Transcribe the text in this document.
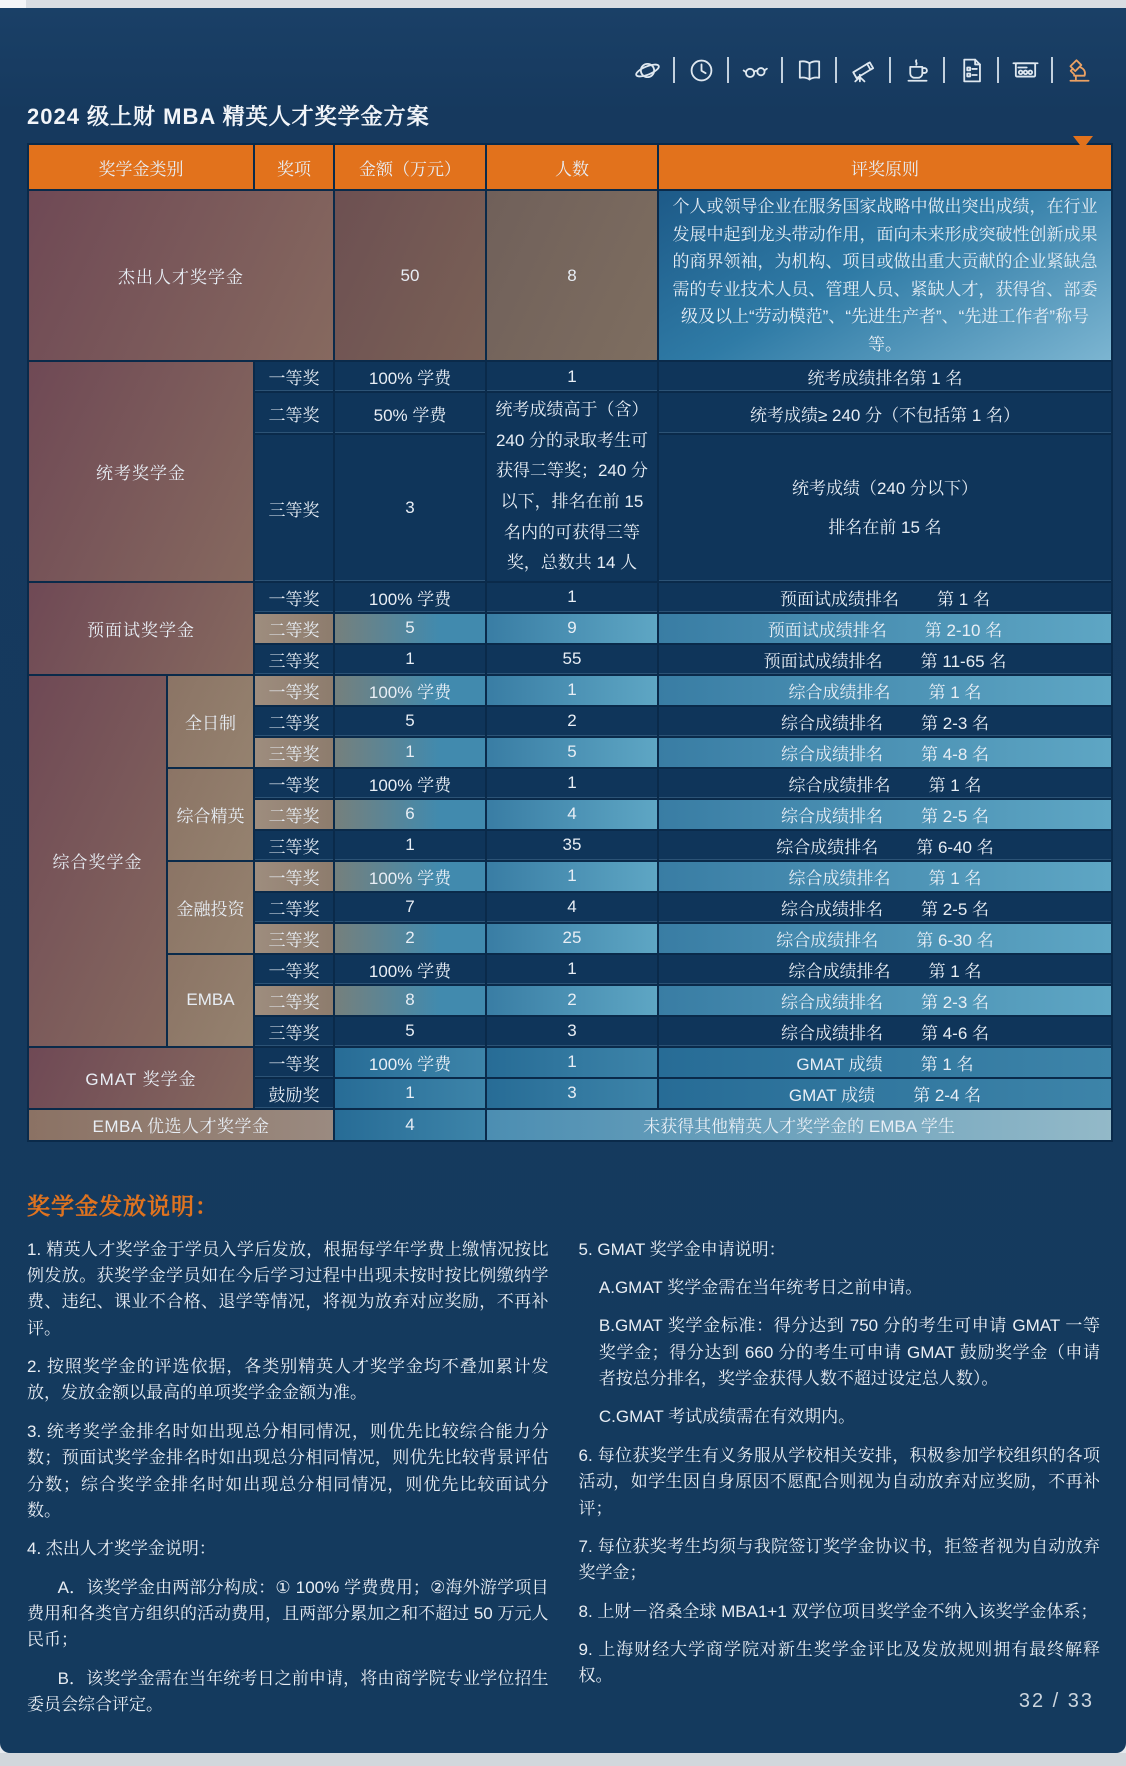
2024 级上财 MBA 精英人才奖学金方案
奖学金类别		奖项	金额（万元）	人数	评奖原则
杰出人才奖学金			50	8	个人或领导企业在服务国家战略中做出突出成绩，在行业发展中起到龙头带动作用，面向未来形成突破性创新成果的商界领袖，为机构、项目或做出重大贡献的企业紧缺急需的专业技术人员、管理人员、紧缺人才，获得省、部委级及以上“劳动模范”、“先进生产者”、“先进工作者”称号等。
统考奖学金		一等奖	100% 学费	1	统考成绩排名第 1 名
		二等奖	50% 学费	统考成绩高于（含）240 分的录取考生可获得二等奖；240 分以下，排名在前 15 名内的可获得三等奖，总数共 14 人	统考成绩≥ 240 分（不包括第 1 名）
		三等奖	3		统考成绩（240 分以下）
排名在前 15 名

预面试奖学金		一等奖	100% 学费	1	预面试成绩排名 第 1 名

		二等奖	5	9	预面试成绩排名 第 2-10 名

		三等奖	1	55	预面试成绩排名 第 11-65 名

综合奖学金	全日制	一等奖	100% 学费	1	综合成绩排名 第 1 名

		二等奖	5	2	综合成绩排名 第 2-3 名

		三等奖	1	5	综合成绩排名 第 4-8 名

	综合精英	一等奖	100% 学费	1	综合成绩排名 第 1 名

		二等奖	6	4	综合成绩排名 第 2-5 名

		三等奖	1	35	综合成绩排名 第 6-40 名

	金融投资	一等奖	100% 学费	1	综合成绩排名 第 1 名

		二等奖	7	4	综合成绩排名 第 2-5 名

		三等奖	2	25	综合成绩排名 第 6-30 名

	EMBA	一等奖	100% 学费	1	综合成绩排名 第 1 名

		二等奖	8	2	综合成绩排名 第 2-3 名

		三等奖	5	3	综合成绩排名 第 4-6 名

GMAT 奖学金		一等奖	100% 学费	1	GMAT 成绩 第 1 名

		鼓励奖	1	3	GMAT 成绩 第 2-4 名

EMBA 优选人才奖学金			4	未获得其他精英人才奖学金的 EMBA 学生	
奖学金发放说明：

1. 精英人才奖学金于学员入学后发放，根据每学年学费上缴情况按比例发放。获奖学金学员如在今后学习过程中出现未按时按比例缴纳学费、违纪、课业不合格、退学等情况，将视为放弃对应奖励，不再补评。

2. 按照奖学金的评选依据，各类别精英人才奖学金均不叠加累计发放，发放金额以最高的单项奖学金金额为准。

3. 统考奖学金排名时如出现总分相同情况，则优先比较综合能力分数；预面试奖学金排名时如出现总分相同情况，则优先比较背景评估分数；综合奖学金排名时如出现总分相同情况，则优先比较面试分数。

4. 杰出人才奖学金说明：

A．该奖学金由两部分构成：① 100% 学费费用；②海外游学项目费用和各类官方组织的活动费用，且两部分累加之和不超过 50 万元人民币；

B．该奖学金需在当年统考日之前申请，将由商学院专业学位招生委员会综合评定。

5. GMAT 奖学金申请说明：

A.GMAT 奖学金需在当年统考日之前申请。

B.GMAT 奖学金标准：得分达到 750 分的考生可申请 GMAT 一等奖学金；得分达到 660 分的考生可申请 GMAT 鼓励奖学金（申请者按总分排名，奖学金获得人数不超过设定总人数）。

C.GMAT 考试成绩需在有效期内。

6. 每位获奖学生有义务服从学校相关安排，积极参加学校组织的各项活动，如学生因自身原因不愿配合则视为自动放弃对应奖励，不再补评；

7. 每位获奖考生均须与我院签订奖学金协议书，拒签者视为自动放弃奖学金；

8. 上财－洛桑全球 MBA1+1 双学位项目奖学金不纳入该奖学金体系；

9. 上海财经大学商学院对新生奖学金评比及发放规则拥有最终解释权。

32 / 33
